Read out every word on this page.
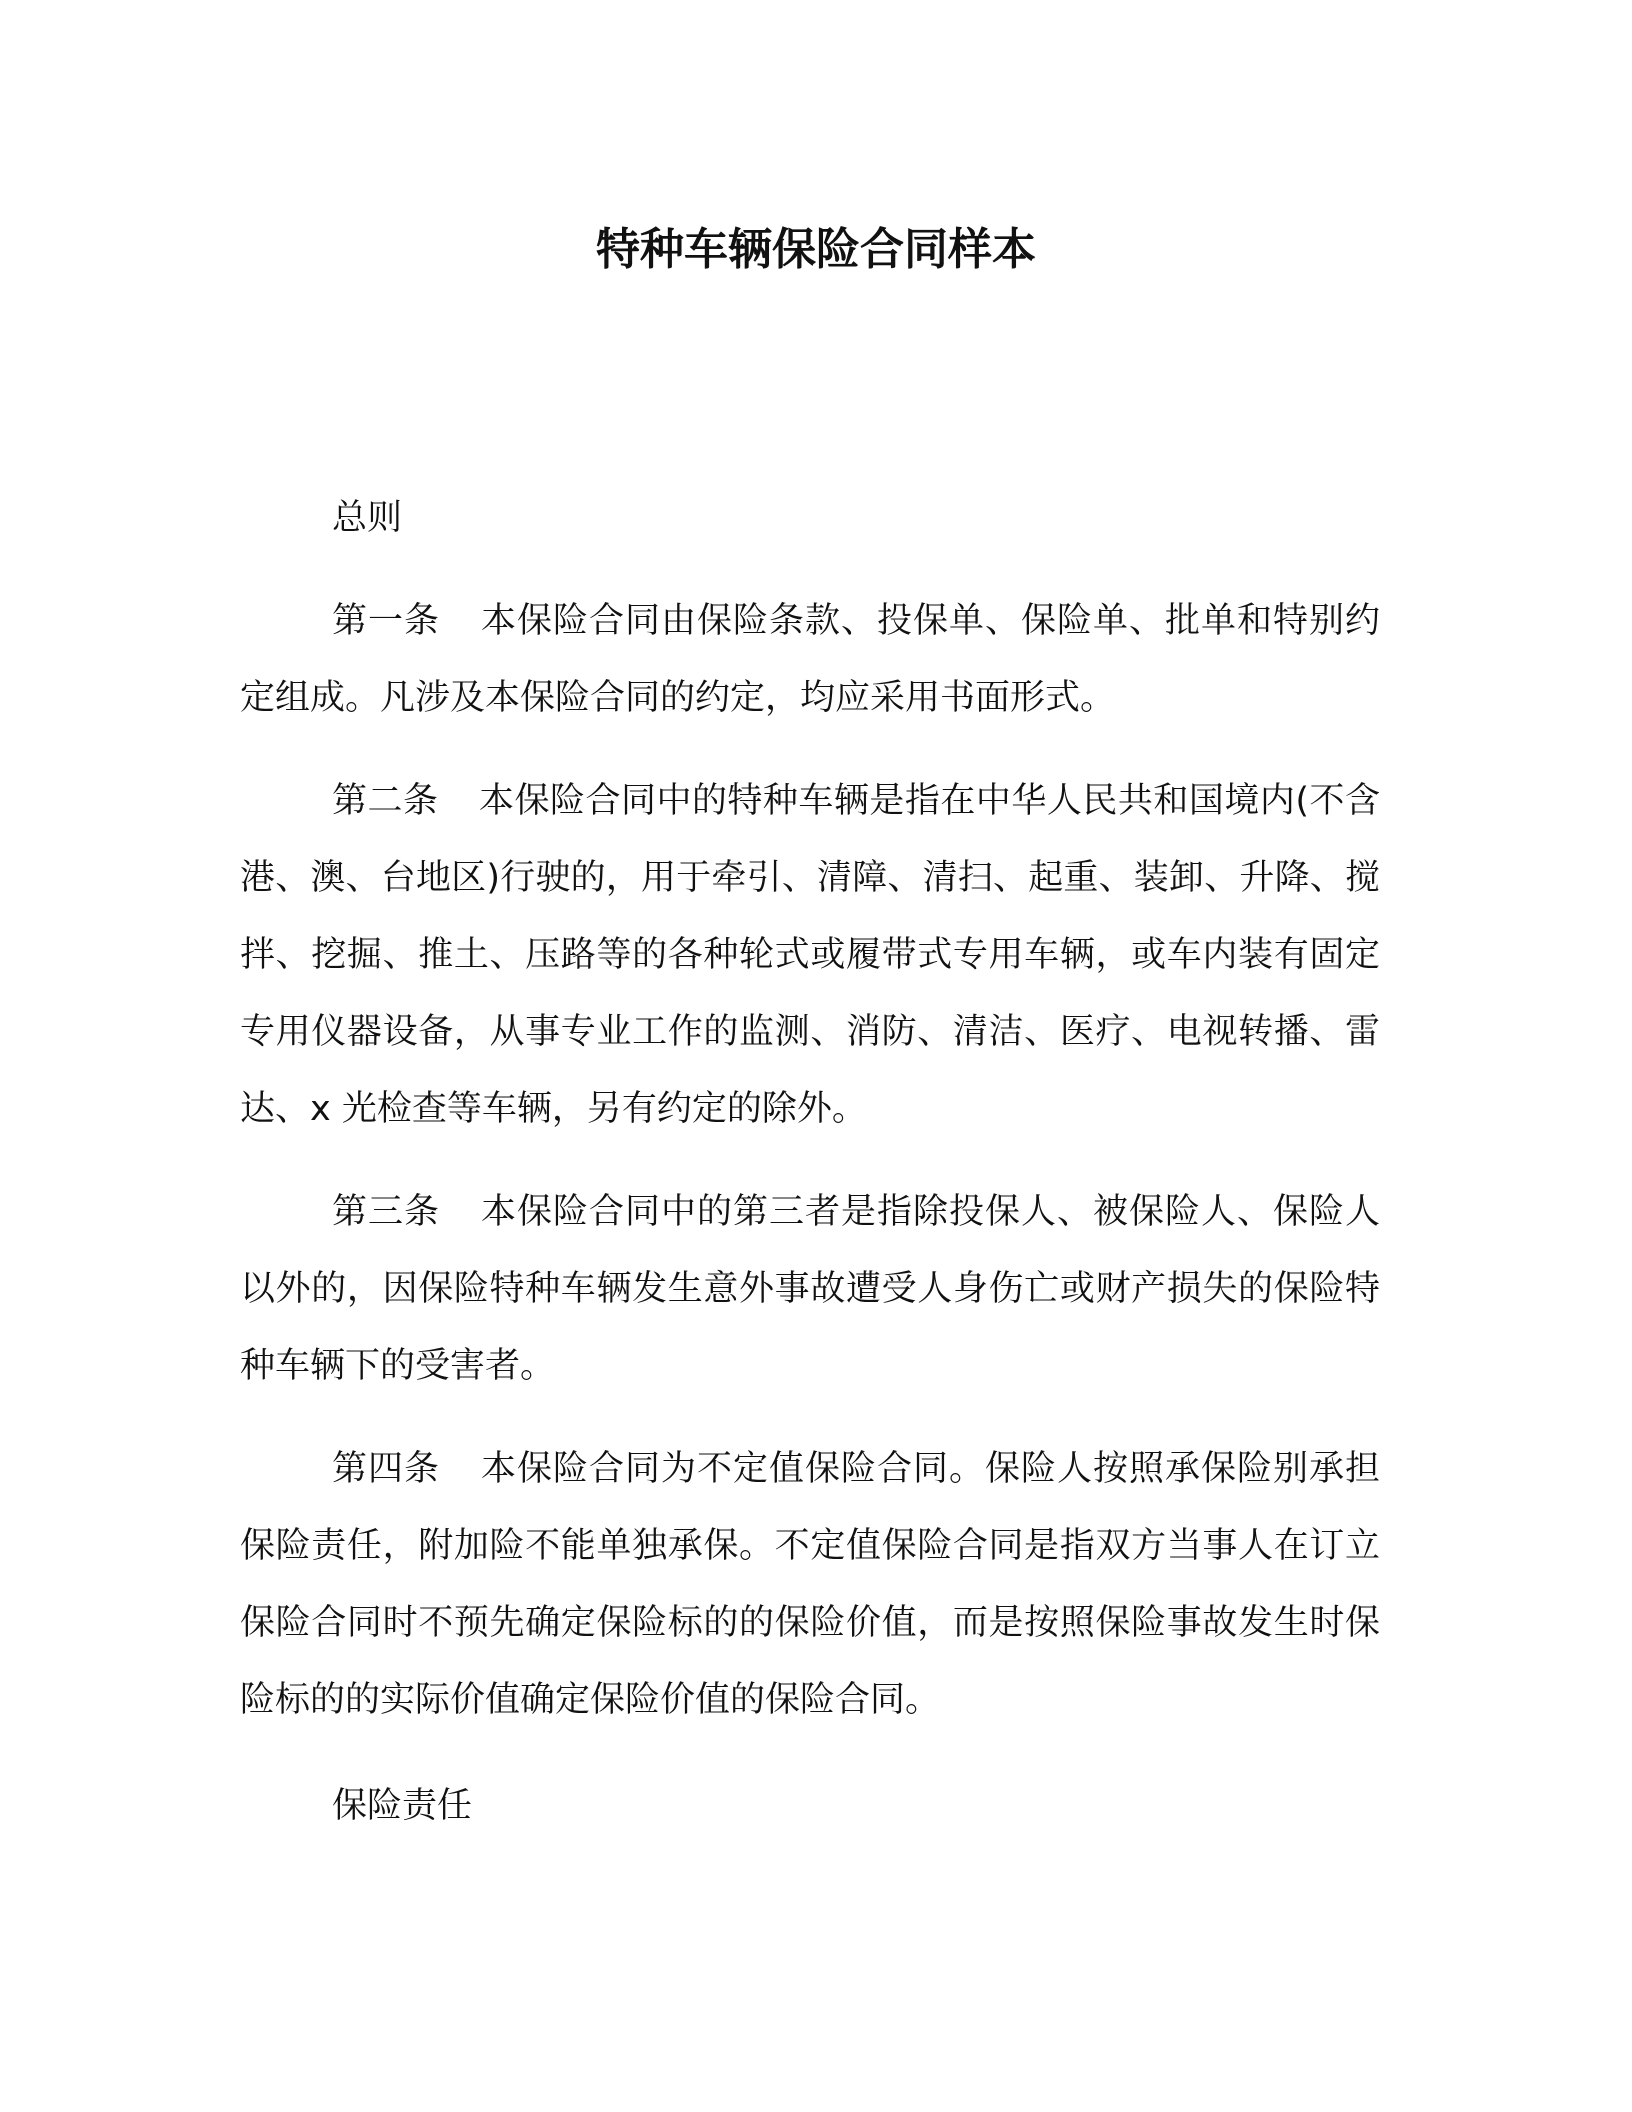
特种车辆保险合同样本
总则
第一条 本保险合同由保险条款、投保单、保险单、批单和特别约定组成。凡涉及本保险合同的约定，均应采用书面形式。
第二条 本保险合同中的特种车辆是指在中华人民共和国境内(不含港、澳、台地区)行驶的，用于牵引、清障、清扫、起重、装卸、升降、搅拌、挖掘、推土、压路等的各种轮式或履带式专用车辆，或车内装有固定专用仪器设备，从事专业工作的监测、消防、清洁、医疗、电视转播、雷达、x 光检查等车辆，另有约定的除外。
第三条 本保险合同中的第三者是指除投保人、被保险人、保险人以外的，因保险特种车辆发生意外事故遭受人身伤亡或财产损失的保险特种车辆下的受害者。
第四条 本保险合同为不定值保险合同。保险人按照承保险别承担保险责任，附加险不能单独承保。不定值保险合同是指双方当事人在订立保险合同时不预先确定保险标的的保险价值，而是按照保险事故发生时保险标的的实际价值确定保险价值的保险合同。
保险责任
